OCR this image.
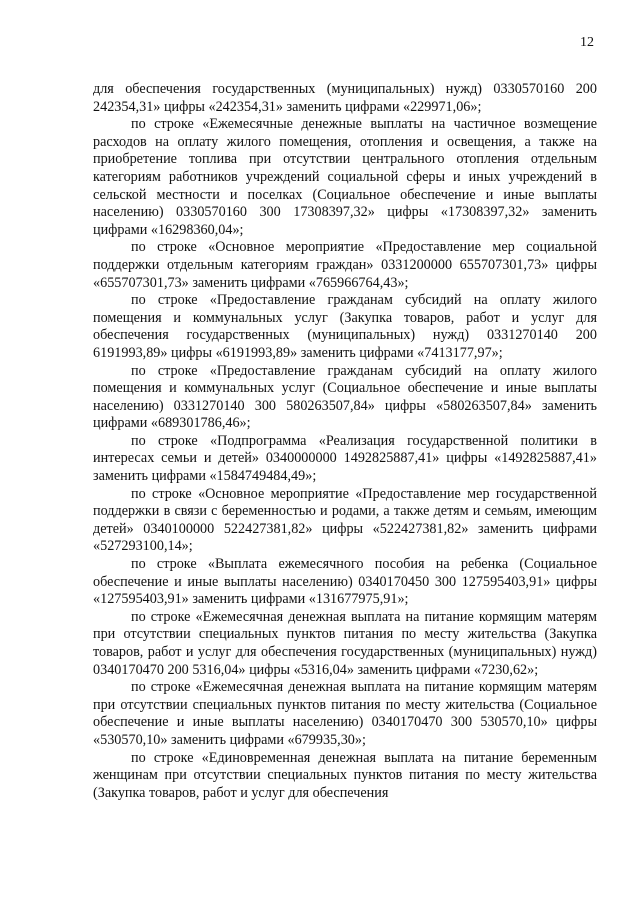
12

для обеспечения государственных (муниципальных) нужд) 0330570160 200 242354,31» цифры «242354,31» заменить цифрами «229971,06»;

по строке «Ежемесячные денежные выплаты на частичное возмещение расходов на оплату жилого помещения, отопления и освещения, а также на приобретение топлива при отсутствии центрального отопления отдельным категориям работников учреждений социальной сферы и иных учреждений в сельской местности и поселках (Социальное обеспечение и иные выплаты населению) 0330570160 300 17308397,32» цифры «17308397,32» заменить цифрами «16298360,04»;

по строке «Основное мероприятие «Предоставление мер социальной поддержки отдельным категориям граждан» 0331200000 655707301,73» цифры «655707301,73» заменить цифрами «765966764,43»;

по строке «Предоставление гражданам субсидий на оплату жилого помещения и коммунальных услуг (Закупка товаров, работ и услуг для обеспечения государственных (муниципальных) нужд) 0331270140 200 6191993,89» цифры «6191993,89» заменить цифрами «7413177,97»;

по строке «Предоставление гражданам субсидий на оплату жилого помещения и коммунальных услуг (Социальное обеспечение и иные выплаты населению) 0331270140 300 580263507,84» цифры «580263507,84» заменить цифрами «689301786,46»;

по строке «Подпрограмма «Реализация государственной политики в интересах семьи и детей» 0340000000 1492825887,41» цифры «1492825887,41» заменить цифрами «1584749484,49»;

по строке «Основное мероприятие «Предоставление мер государственной поддержки в связи с беременностью и родами, а также детям и семьям, имеющим детей» 0340100000 522427381,82» цифры «522427381,82» заменить цифрами «527293100,14»;

по строке «Выплата ежемесячного пособия на ребенка (Социальное обеспечение и иные выплаты населению) 0340170450 300 127595403,91» цифры «127595403,91» заменить цифрами «131677975,91»;

по строке «Ежемесячная денежная выплата на питание кормящим матерям при отсутствии специальных пунктов питания по месту жительства (Закупка товаров, работ и услуг для обеспечения государственных (муниципальных) нужд) 0340170470 200 5316,04» цифры «5316,04» заменить цифрами «7230,62»;

по строке «Ежемесячная денежная выплата на питание кормящим матерям при отсутствии специальных пунктов питания по месту жительства (Социальное обеспечение и иные выплаты населению) 0340170470 300 530570,10» цифры «530570,10» заменить цифрами «679935,30»;

по строке «Единовременная денежная выплата на питание беременным женщинам при отсутствии специальных пунктов питания по месту жительства (Закупка товаров, работ и услуг для обеспечения
